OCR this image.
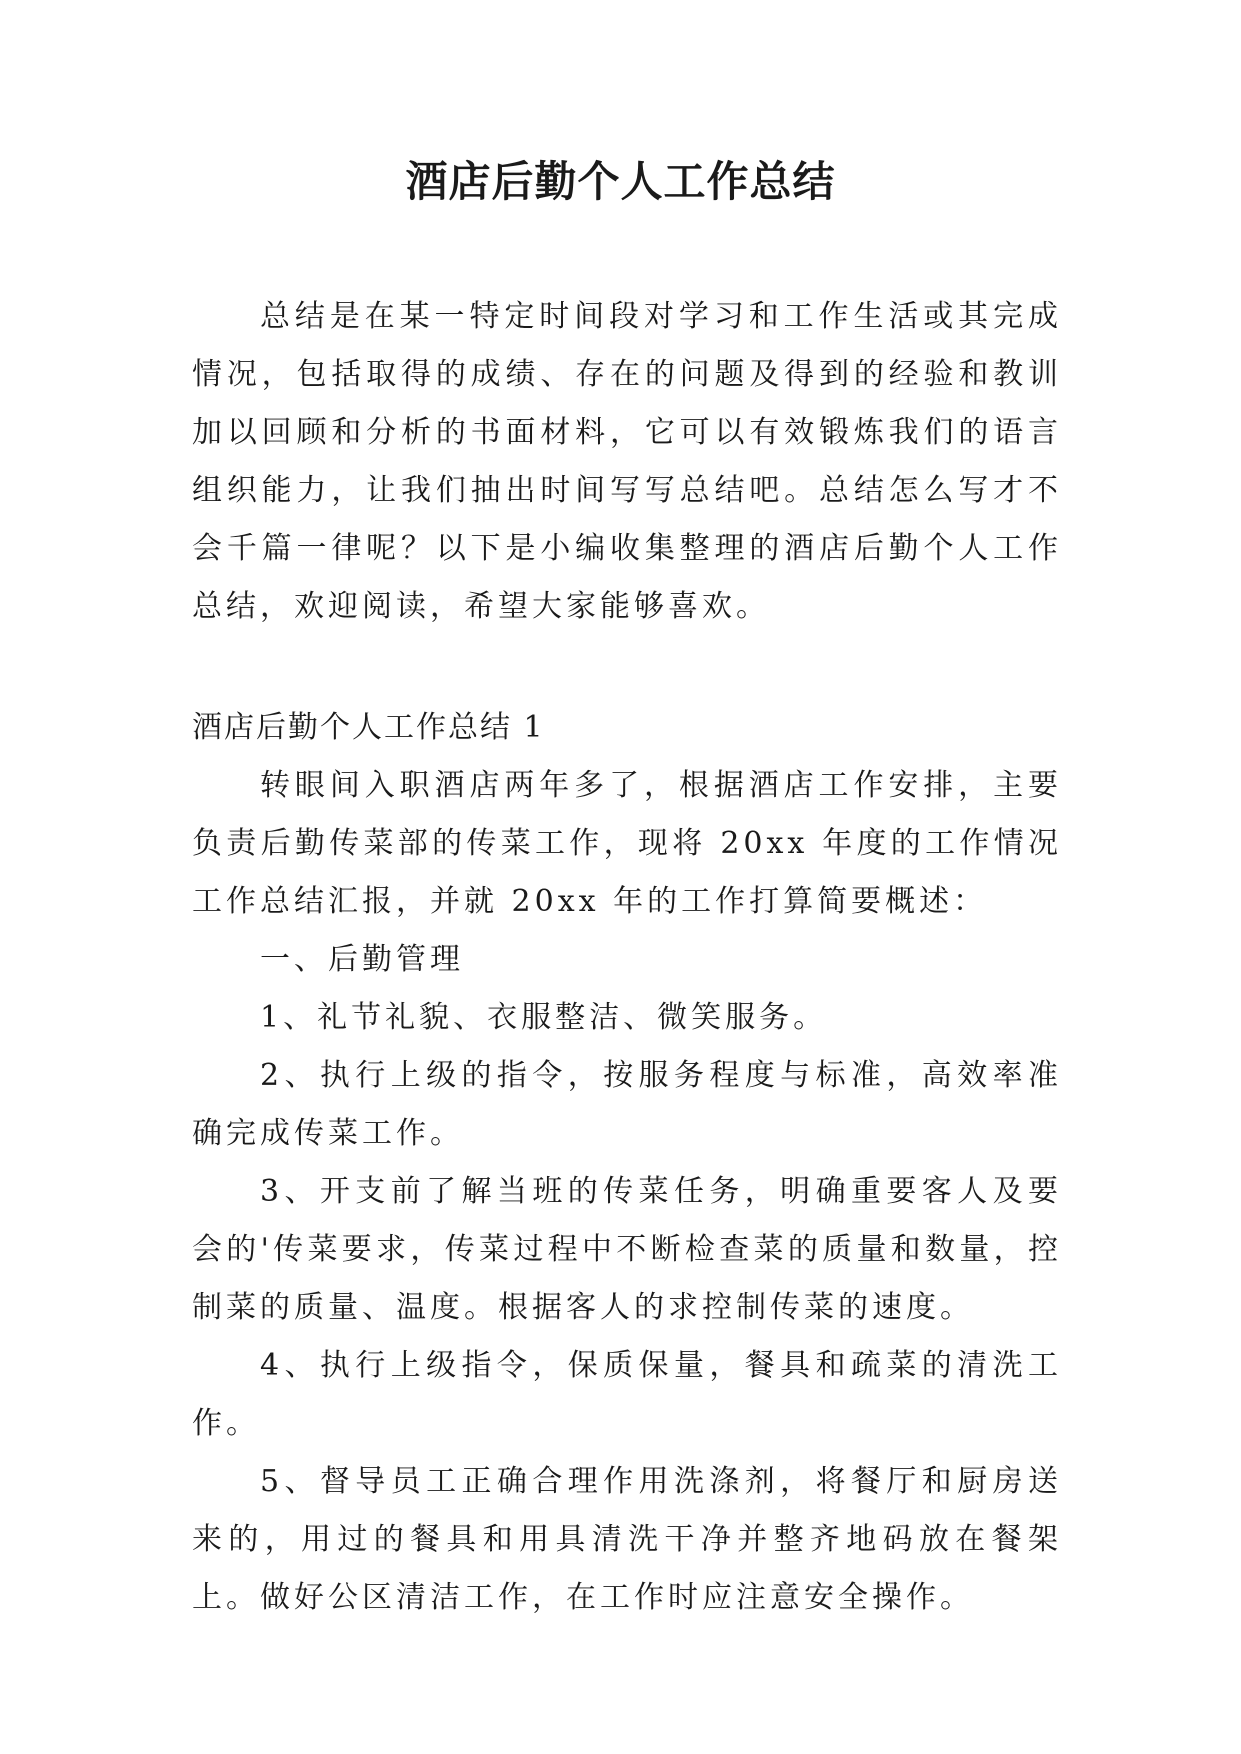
酒店后勤个人工作总结

总结是在某一特定时间段对学习和工作生活或其完成情况，包括取得的成绩、存在的问题及得到的经验和教训加以回顾和分析的书面材料，它可以有效锻炼我们的语言组织能力，让我们抽出时间写写总结吧。总结怎么写才不会千篇一律呢？以下是小编收集整理的酒店后勤个人工作总结，欢迎阅读，希望大家能够喜欢。

酒店后勤个人工作总结 1

转眼间入职酒店两年多了，根据酒店工作安排，主要负责后勤传菜部的传菜工作，现将 20xx 年度的工作情况工作总结汇报，并就 20xx 年的工作打算简要概述：

一、后勤管理

1、礼节礼貌、衣服整洁、微笑服务。

2、执行上级的指令，按服务程度与标准，高效率准确完成传菜工作。

3、开支前了解当班的传菜任务，明确重要客人及要会的'传菜要求，传菜过程中不断检查菜的质量和数量，控制菜的质量、温度。根据客人的求控制传菜的速度。

4、执行上级指令，保质保量，餐具和疏菜的清洗工作。

5、督导员工正确合理作用洗涤剂，将餐厅和厨房送来的，用过的餐具和用具清洗干净并整齐地码放在餐架上。做好公区清洁工作，在工作时应注意安全操作。
